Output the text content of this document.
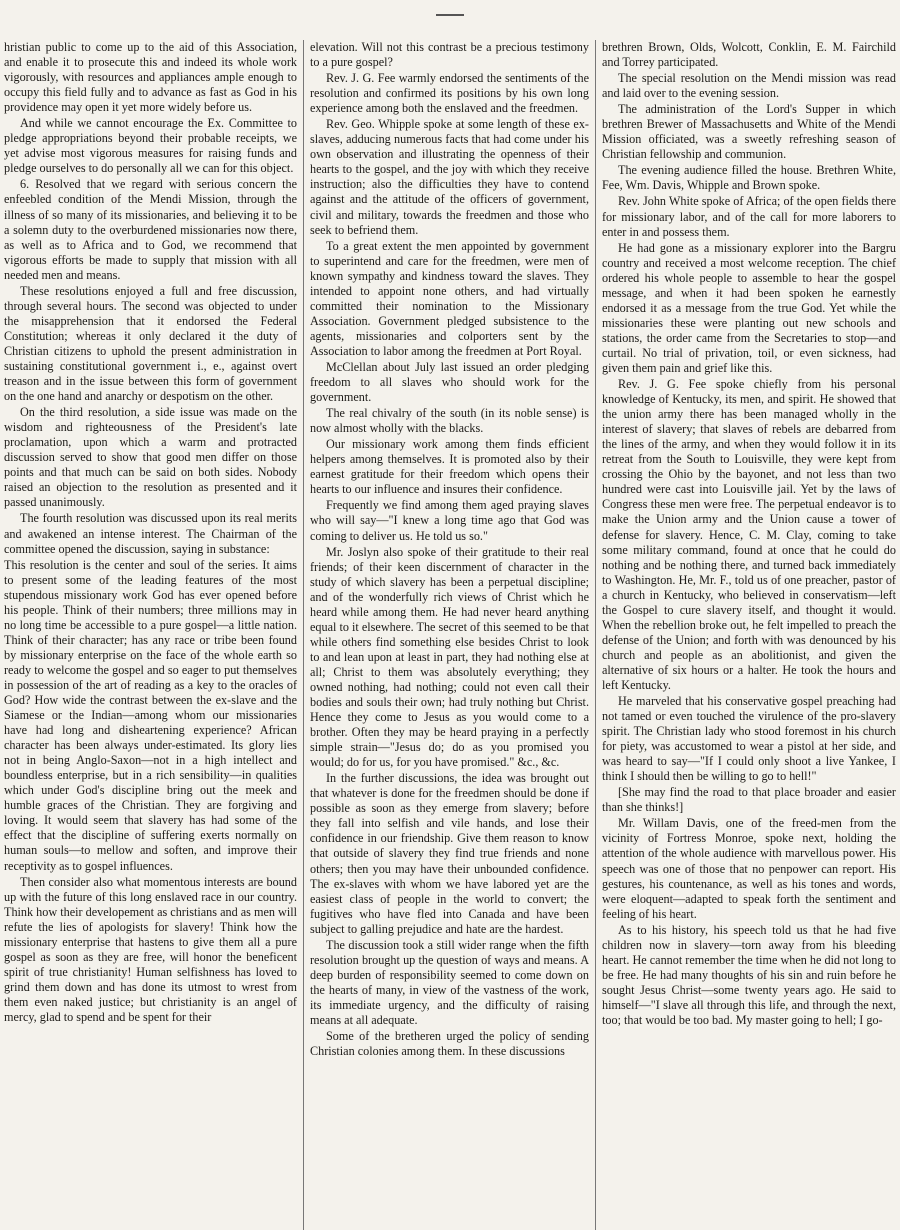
hristian public to come up to the aid of this Association, and enable it to prosecute this and indeed its whole work vigorously, with resources and appliances ample enough to occupy this field fully and to advance as fast as God in his providence may open it yet more widely before us.

And while we cannot encourage the Ex. Committee to pledge appropriations beyond their probable receipts, we yet advise most vigorous measures for raising funds and pledge ourselves to do personally all we can for this object.

6. Resolved that we regard with serious concern the enfeebled condition of the Mendi Mission, through the illness of so many of its missionaries, and believing it to be a solemn duty to the overburdened missionaries now there, as well as to Africa and to God, we recommend that vigorous efforts be made to supply that mission with all needed men and means.

These resolutions enjoyed a full and free discussion, through several hours. The second was objected to under the misapprehension that it endorsed the Federal Constitution; whereas it only declared it the duty of Christian citizens to uphold the present administration in sustaining constitutional government i., e., against overt treason and in the issue between this form of government on the one hand and anarchy or despotism on the other.

On the third resolution, a side issue was made on the wisdom and righteousness of the President's late proclamation, upon which a warm and protracted discussion served to show that good men differ on those points and that much can be said on both sides. Nobody raised an objection to the resolution as presented and it passed unanimously.

The fourth resolution was discussed upon its real merits and awakened an intense interest. The Chairman of the committee opened the discussion, saying in substance:

This resolution is the center and soul of the series. It aims to present some of the leading features of the most stupendous missionary work God has ever opened before his people. Think of their numbers; three millions may in no long time be accessible to a pure gospel—a little nation. Think of their character; has any race or tribe been found by missionary enterprise on the face of the whole earth so ready to welcome the gospel and so eager to put themselves in possession of the art of reading as a key to the oracles of God? How wide the contrast between the ex-slave and the Siamese or the Indian—among whom our missionaries have had long and disheartening experience? African character has been always under-estimated. Its glory lies not in being Anglo-Saxon—not in a high intellect and boundless enterprise, but in a rich sensibility—in qualities which under God's discipline bring out the meek and humble graces of the Christian. They are forgiving and loving. It would seem that slavery has had some of the effect that the discipline of suffering exerts normally on human souls—to mellow and soften, and improve their receptivity as to gospel influences.

Then consider also what momentous interests are bound up with the future of this long enslaved race in our country. Think how their developement as christians and as men will refute the lies of apologists for slavery! Think how the missionary enterprise that hastens to give them all a pure gospel as soon as they are free, will honor the beneficent spirit of true christianity! Human selfishness has loved to grind them down and has done its utmost to wrest from them even naked justice; but christianity is an angel of mercy, glad to spend and be spent for their

elevation. Will not this contrast be a precious testimony to a pure gospel?

Rev. J. G. Fee warmly endorsed the sentiments of the resolution and confirmed its positions by his own long experience among both the enslaved and the freedmen.

Rev. Geo. Whipple spoke at some length of these ex-slaves, adducing numerous facts that had come under his own observation and illustrating the openness of their hearts to the gospel, and the joy with which they receive instruction; also the difficulties they have to contend against and the attitude of the officers of government, civil and military, towards the freedmen and those who seek to befriend them.

To a great extent the men appointed by government to superintend and care for the freedmen, were men of known sympathy and kindness toward the slaves. They intended to appoint none others, and had virtually committed their nomination to the Missionary Association. Government pledged subsistence to the agents, missionaries and colporters sent by the Association to labor among the freedmen at Port Royal.

McClellan about July last issued an order pledging freedom to all slaves who should work for the government.

The real chivalry of the south (in its noble sense) is now almost wholly with the blacks.

Our missionary work among them finds efficient helpers among themselves. It is promoted also by their earnest gratitude for their freedom which opens their hearts to our influence and insures their confidence.

Frequently we find among them aged praying slaves who will say—"I knew a long time ago that God was coming to deliver us. He told us so."

Mr. Joslyn also spoke of their gratitude to their real friends; of their keen discernment of character in the study of which slavery has been a perpetual discipline; and of the wonderfully rich views of Christ which he heard while among them. He had never heard anything equal to it elsewhere. The secret of this seemed to be that while others find something else besides Christ to look to and lean upon at least in part, they had nothing else at all; Christ to them was absolutely everything; they owned nothing, had nothing; could not even call their bodies and souls their own; had truly nothing but Christ. Hence they come to Jesus as you would come to a brother. Often they may be heard praying in a perfectly simple strain—"Jesus do; do as you promised you would; do for us, for you have promised." &c., &c.

In the further discussions, the idea was brought out that whatever is done for the freedmen should be done if possible as soon as they emerge from slavery; before they fall into selfish and vile hands, and lose their confidence in our friendship. Give them reason to know that outside of slavery they find true friends and none others; then you may have their unbounded confidence. The ex-slaves with whom we have labored yet are the easiest class of people in the world to convert; the fugitives who have fled into Canada and have been subject to galling prejudice and hate are the hardest.

The discussion took a still wider range when the fifth resolution brought up the question of ways and means. A deep burden of responsibility seemed to come down on the hearts of many, in view of the vastness of the work, its immediate urgency, and the difficulty of raising means at all adequate.

Some of the bretheren urged the policy of sending Christian colonies among them. In these discussions

brethren Brown, Olds, Wolcott, Conklin, E. M. Fairchild and Torrey participated.

The special resolution on the Mendi mission was read and laid over to the evening session.

The administration of the Lord's Supper in which brethren Brewer of Massachusetts and White of the Mendi Mission officiated, was a sweetly refreshing season of Christian fellowship and communion.

The evening audience filled the house. Brethren White, Fee, Wm. Davis, Whipple and Brown spoke.

Rev. John White spoke of Africa; of the open fields there for missionary labor, and of the call for more laborers to enter in and possess them.

He had gone as a missionary explorer into the Bargru country and received a most welcome reception. The chief ordered his whole people to assemble to hear the gospel message, and when it had been spoken he earnestly endorsed it as a message from the true God. Yet while the missionaries these were planting out new schools and stations, the order came from the Secretaries to stop—and curtail. No trial of privation, toil, or even sickness, had given them pain and grief like this.

Rev. J. G. Fee spoke chiefly from his personal knowledge of Kentucky, its men, and spirit. He showed that the union army there has been managed wholly in the interest of slavery; that slaves of rebels are debarred from the lines of the army, and when they would follow it in its retreat from the South to Louisville, they were kept from crossing the Ohio by the bayonet, and not less than two hundred were cast into Louisville jail. Yet by the laws of Congress these men were free. The perpetual endeavor is to make the Union army and the Union cause a tower of defense for slavery. Hence, C. M. Clay, coming to take some military command, found at once that he could do nothing and be nothing there, and turned back immediately to Washington. He, Mr. F., told us of one preacher, pastor of a church in Kentucky, who believed in conservatism—left the Gospel to cure slavery itself, and thought it would. When the rebellion broke out, he felt impelled to preach the defense of the Union; and forth with was denounced by his church and people as an abolitionist, and given the alternative of six hours or a halter. He took the hours and left Kentucky.

He marveled that his conservative gospel preaching had not tamed or even touched the virulence of the pro-slavery spirit. The Christian lady who stood foremost in his church for piety, was accustomed to wear a pistol at her side, and was heard to say—"If I could only shoot a live Yankee, I think I should then be willing to go to hell!"

[She may find the road to that place broader and easier than she thinks!]

Mr. Willam Davis, one of the freed-men from the vicinity of Fortress Monroe, spoke next, holding the attention of the whole audience with marvellous power. His speech was one of those that no penpower can report. His gestures, his countenance, as well as his tones and words, were eloquent—adapted to speak forth the sentiment and feeling of his heart.

As to his history, his speech told us that he had five children now in slavery—torn away from his bleeding heart. He cannot remember the time when he did not long to be free. He had many thoughts of his sin and ruin before he sought Jesus Christ—some twenty years ago. He said to himself—"I slave all through this life, and through the next, too; that would be too bad. My master going to hell; I go-
